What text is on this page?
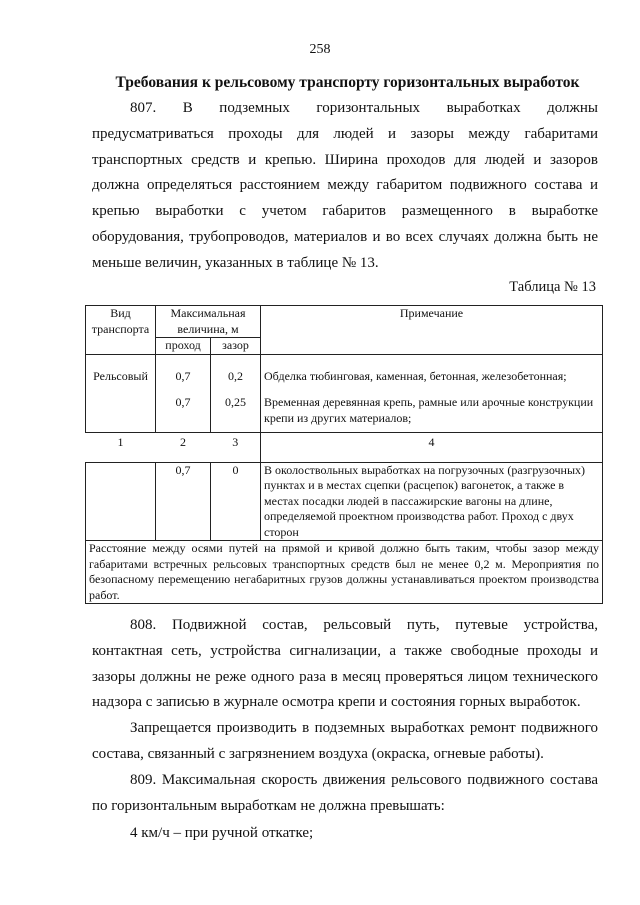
258
Требования к рельсовому транспорту горизонтальных выработок
807. В подземных горизонтальных выработках должны
предусматриваться проходы для людей и зазоры между габаритами
транспортных средств и крепью. Ширина проходов для людей и зазоров
должна определяться расстоянием между габаритом подвижного состава и
крепью выработки с учетом габаритов размещенного в выработке
оборудования, трубопроводов, материалов и во всех случаях должна быть не
меньше величин, указанных в таблице № 13.
Таблица № 13
Вид транспорта	Максимальная величина, м		Примечание
	проход	зазор	
Рельсовый	0,7	0,2	Обделка тюбинговая, каменная, бетонная, железобетонная;
	0,7	0,25	Временная деревянная крепь, рамные или арочные конструкции крепи из других материалов;
1	2	3	4
	0,7	0	В околоствольных выработках на погрузочных (разгрузочных) пунктах и в местах сцепки (расцепок) вагонеток, а также в местах посадки людей в пассажирские вагоны на длине, определяемой проектном производства работ. Проход с двух сторон
Расстояние между осями путей на прямой и кривой должно быть таким, чтобы зазор между габаритами встречных рельсовых транспортных средств был не менее 0,2 м. Мероприятия по безопасному перемещению негабаритных грузов должны устанавливаться проектом производства работ.			
808. Подвижной состав, рельсовый путь, путевые устройства,
контактная сеть, устройства сигнализации, а также свободные проходы и
зазоры должны не реже одного раза в месяц проверяться лицом технического
надзора с записью в журнале осмотра крепи и состояния горных выработок.
Запрещается производить в подземных выработках ремонт подвижного
состава, связанный с загрязнением воздуха (окраска, огневые работы).
809. Максимальная скорость движения рельсового подвижного состава
по горизонтальным выработкам не должна превышать:
4 км/ч – при ручной откатке;
